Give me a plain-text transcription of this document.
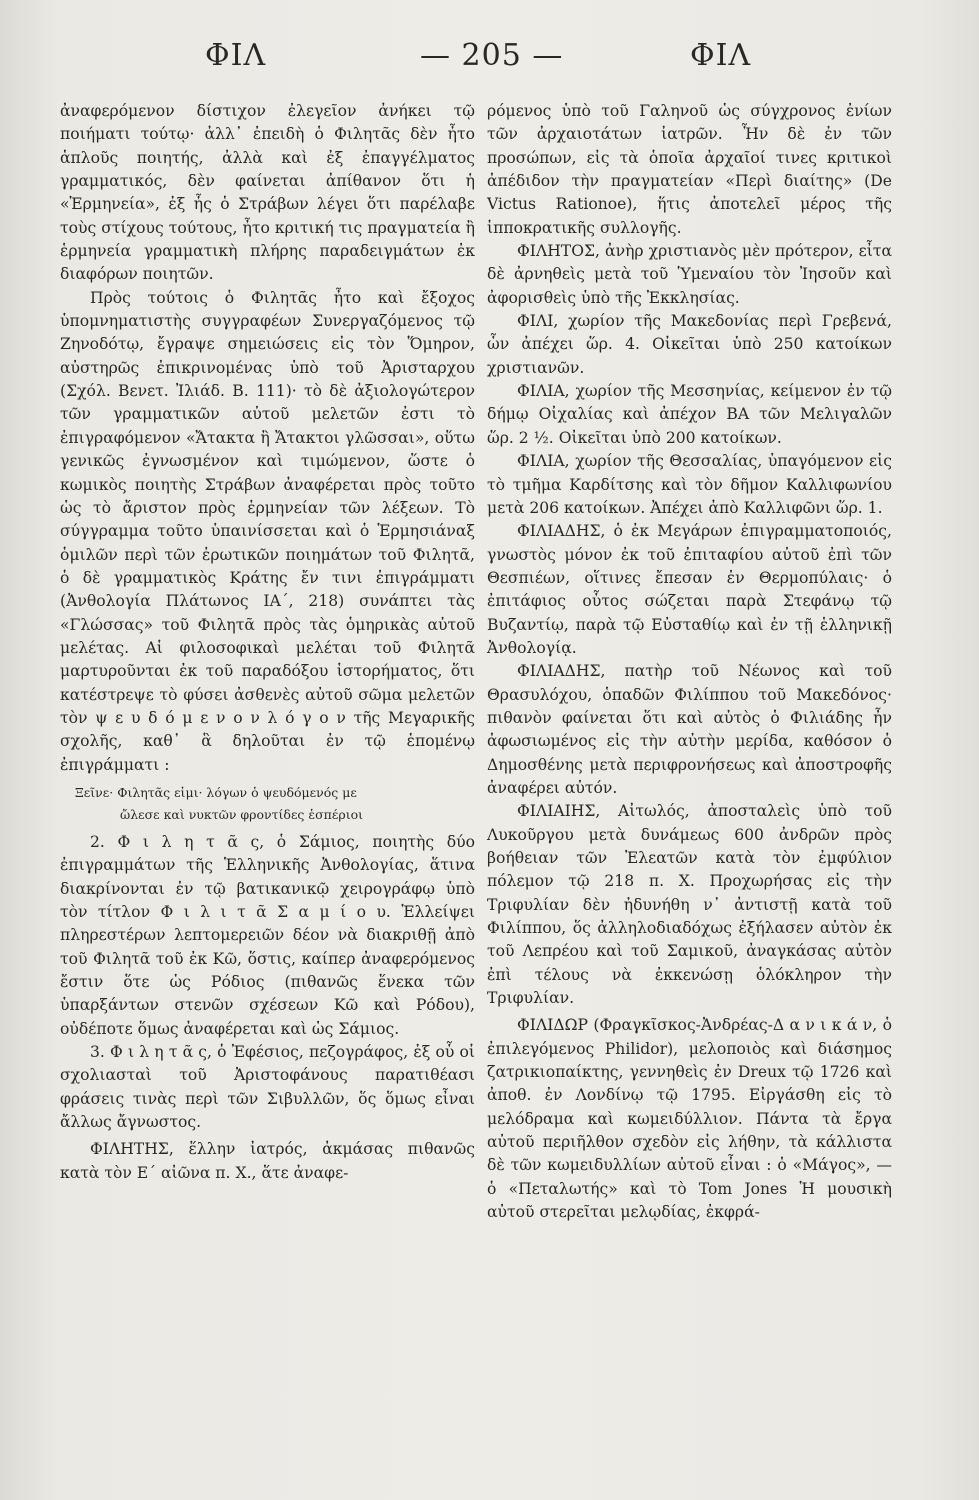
ΦΙΛ	— 205 —	ΦΙΛ

ἀναφερόμενον δίστιχον ἐλεγεῖον ἀνήκει τῷ ποιήματι τούτῳ· ἀλλ᾽ ἐπειδὴ ὁ Φιλητᾶς δὲν ἦτο ἁπλοῦς ποιητής, ἀλλὰ καὶ ἐξ ἐπαγγέλματος γραμματικός, δὲν φαίνεται ἀπίθανον ὅτι ἡ «Ἑρμηνεία», ἐξ ἧς ὁ Στράβων λέγει ὅτι παρέλαβε τοὺς στίχους τούτους, ἦτο κριτική τις πραγματεία ἢ ἑρμηνεία γραμματικὴ πλήρης παραδειγμάτων ἐκ διαφόρων ποιητῶν.

Πρὸς τούτοις ὁ Φιλητᾶς ἦτο καὶ ἔξοχος ὑπομνηματιστὴς συγγραφέων Συνεργαζόμενος τῷ Ζηνοδότῳ, ἔγραψε σημειώσεις εἰς τὸν Ὅμηρον, αὐστηρῶς ἐπικρινομένας ὑπὸ τοῦ Ἀρισταρχου (Σχόλ. Βενετ. Ἰλιάδ. Β. 111)· τὸ δὲ ἀξιολογώτερον τῶν γραμματικῶν αὐτοῦ μελετῶν ἐστι τὸ ἐπιγραφόμενον «Ἄτακτα ἢ Ἄτακτοι γλῶσσαι», οὕτω γενικῶς ἐγνωσμένον καὶ τιμώμενον, ὥστε ὁ κωμικὸς ποιητὴς Στράβων ἀναφέρεται πρὸς τοῦτο ὡς τὸ ἄριστον πρὸς ἑρμηνείαν τῶν λέξεων. Τὸ σύγγραμμα τοῦτο ὑπαινίσσεται καὶ ὁ Ἑρμησιάναξ ὁμιλῶν περὶ τῶν ἐρωτικῶν ποιημάτων τοῦ Φιλητᾶ, ὁ δὲ γραμματικὸς Κράτης ἔν τινι ἐπιγράμματι (Ἀνθολογία Πλάτωνος ΙΑ΄, 218) συνάπτει τὰς «Γλώσσας» τοῦ Φιλητᾶ πρὸς τὰς ὁμηρικὰς αὐτοῦ μελέτας. Αἱ φιλοσοφικαὶ μελέται τοῦ Φιλητᾶ μαρτυροῦνται ἐκ τοῦ παραδόξου ἱστορήματος, ὅτι κατέστρεψε τὸ φύσει ἀσθενὲς αὐτοῦ σῶμα μελετῶν τὸν ψ ε υ δ ό μ ε ν ο ν λ ό γ ο ν τῆς Μεγαρικῆς σχολῆς, καθ᾽ ἃ δηλοῦται ἐν τῷ ἑπομένῳ ἐπιγράμματι :

Ξεῖνε· Φιλητᾶς εἰμι· λόγων ὁ ψευδόμενός με

ὤλεσε καὶ νυκτῶν φροντίδες ἑσπέριοι

2. Φ ι λ η τ ᾶ ς, ὁ Σάμιος, ποιητὴς δύο ἐπιγραμμάτων τῆς Ἑλληνικῆς Ἀνθολογίας, ἅτινα διακρίνονται ἐν τῷ βατικανικῷ χειρογράφῳ ὑπὸ τὸν τίτλον Φ ι λ ι τ ᾶ Σ α μ ί ο υ. Ἐλλείψει πληρεστέρων λεπτομερειῶν δέον νὰ διακριθῇ ἀπὸ τοῦ Φιλητᾶ τοῦ ἐκ Κῶ, ὅστις, καίπερ ἀναφερόμενος ἔστιν ὅτε ὡς Ρόδιος (πιθανῶς ἕνεκα τῶν ὑπαρξάντων στενῶν σχέσεων Κῶ καὶ Ρόδου), οὐδέποτε ὅμως ἀναφέρεται καὶ ὡς Σάμιος.

3. Φ ι λ η τ ᾶ ς, ὁ Ἐφέσιος, πεζογράφος, ἐξ οὗ οἱ σχολιασταὶ τοῦ Ἀριστοφάνους παρατιθέασι φράσεις τινὰς περὶ τῶν Σιβυλλῶν, ὅς ὅμως εἶναι ἄλλως ἄγνωστος.

ΦΙΛΗΤΗΣ, ἕλλην ἰατρός, ἀκμάσας πιθανῶς κατὰ τὸν Ε΄ αἰῶνα π. Χ., ἅτε ἀναφε-

ρόμενος ὑπὸ τοῦ Γαληνοῦ ὡς σύγχρονος ἐνίων τῶν ἀρχαιοτάτων ἰατρῶν. Ἦν δὲ ἐν τῶν προσώπων, εἰς τὰ ὁποῖα ἀρχαῖοί τινες κριτικοὶ ἀπέδιδον τὴν πραγματείαν «Περὶ διαίτης» (De Victus Rationoe), ἥτις ἀποτελεῖ μέρος τῆς ἱπποκρατικῆς συλλογῆς.

ΦΙΛΗΤΟΣ, ἀνὴρ χριστιανὸς μὲν πρότερον, εἶτα δὲ ἀρνηθεὶς μετὰ τοῦ Ὑμεναίου τὸν Ἰησοῦν καὶ ἀφορισθεὶς ὑπὸ τῆς Ἐκκλησίας.

ΦΙΛΙ, χωρίον τῆς Μακεδονίας περὶ Γρεβενά, ὧν ἀπέχει ὥρ. 4. Οἰκεῖται ὑπὸ 250 κατοίκων χριστιανῶν.

ΦΙΛΙΑ, χωρίον τῆς Μεσσηνίας, κείμενον ἐν τῷ δήμῳ Οἰχαλίας καὶ ἀπέχον ΒΑ τῶν Μελιγαλῶν ὥρ. 2 ½. Οἰκεῖται ὑπὸ 200 κατοίκων.

ΦΙΛΙΑ, χωρίον τῆς Θεσσαλίας, ὑπαγόμενον εἰς τὸ τμῆμα Καρδίτσης καὶ τὸν δῆμον Καλλιφωνίου μετὰ 206 κατοίκων. Ἀπέχει ἀπὸ Καλλιφῶνι ὥρ. 1.

ΦΙΛΙΑΔΗΣ, ὁ ἐκ Μεγάρων ἐπιγραμματοποιός, γνωστὸς μόνον ἐκ τοῦ ἐπιταφίου αὐτοῦ ἐπὶ τῶν Θεσπιέων, οἵτινες ἔπεσαν ἐν Θερμοπύλαις· ὁ ἐπιτάφιος οὗτος σώζεται παρὰ Στεφάνῳ τῷ Βυζαντίῳ, παρὰ τῷ Εὐσταθίῳ καὶ ἐν τῇ ἑλληνικῇ Ἀνθολογίᾳ.

ΦΙΛΙΑΔΗΣ, πατὴρ τοῦ Νέωνος καὶ τοῦ Θρασυλόχου, ὁπαδῶν Φιλίππου τοῦ Μακεδόνος· πιθανὸν φαίνεται ὅτι καὶ αὐτὸς ὁ Φιλιάδης ἦν ἀφωσιωμένος εἰς τὴν αὐτὴν μερίδα, καθόσον ὁ Δημοσθένης μετὰ περιφρονήσεως καὶ ἀποστροφῆς ἀναφέρει αὐτόν.

ΦΙΛΙΑΙΗΣ, Αἰτωλός, ἀποσταλεὶς ὑπὸ τοῦ Λυκοῦργου μετὰ δυνάμεως 600 ἀνδρῶν πρὸς βοήθειαν τῶν Ἐλεατῶν κατὰ τὸν ἐμφύλιον πόλεμον τῷ 218 π. Χ. Προχωρήσας εἰς τὴν Τριφυλίαν δὲν ἠδυνήθη ν᾽ ἀντιστῇ κατὰ τοῦ Φιλίππου, ὅς ἀλληλοδιαδόχως ἐξήλασεν αὐτὸν ἐκ τοῦ Λεπρέου καὶ τοῦ Σαμικοῦ, ἀναγκάσας αὐτὸν ἐπὶ τέλους νὰ ἐκκενώσῃ ὁλόκληρον τὴν Τριφυλίαν.

ΦΙΛΙΔΩΡ (Φραγκῖσκος-Ἀνδρέας-Δ α ν ι κ ά ν, ὁ ἐπιλεγόμενος Philidor), μελοποιὸς καὶ διάσημος ζατρικιοπαίκτης, γεννηθεὶς ἐν Dreux τῷ 1726 καὶ ἀποθ. ἐν Λονδίνῳ τῷ 1795. Εἰργάσθη εἰς τὸ μελόδραμα καὶ κωμειδύλλιον. Πάντα τὰ ἔργα αὐτοῦ περιῆλθον σχεδὸν εἰς λήθην, τὰ κάλλιστα δὲ τῶν κωμειδυλλίων αὐτοῦ εἶναι : ὁ «Μάγος», — ὁ «Πεταλωτής» καὶ τὸ Tom Jones Ἡ μουσικὴ αὐτοῦ στερεῖται μελῳδίας, ἐκφρά-
